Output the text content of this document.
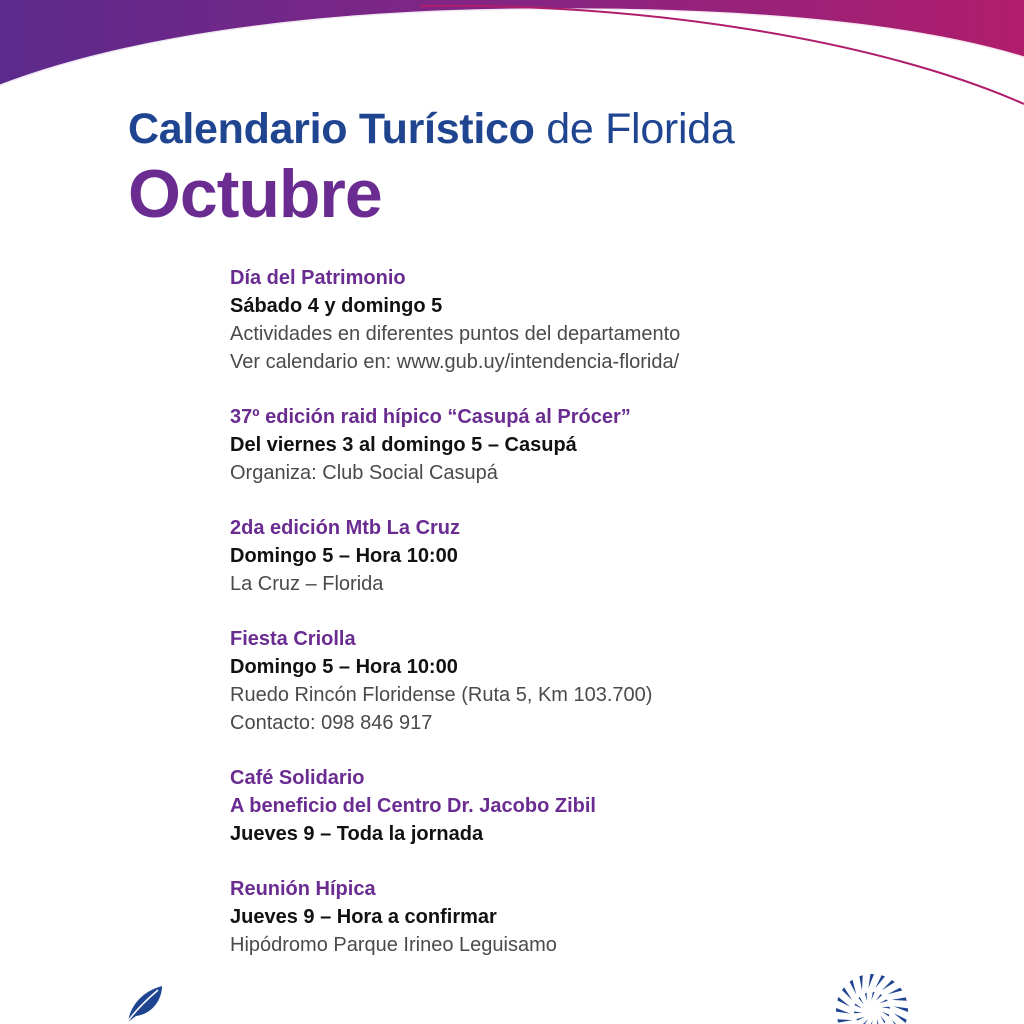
Calendario Turístico de Florida
Octubre
Día del Patrimonio
Sábado 4 y domingo 5
Actividades en diferentes puntos del departamento
Ver calendario en: www.gub.uy/intendencia-florida/
37º edición raid hípico “Casupá al Prócer”
Del viernes 3 al domingo 5 – Casupá
Organiza: Club Social Casupá
2da edición Mtb La Cruz
Domingo 5 – Hora 10:00
La Cruz – Florida
Fiesta Criolla
Domingo 5 – Hora 10:00
Ruedo Rincón Floridense (Ruta 5, Km 103.700)
Contacto: 098 846 917
Café Solidario
A beneficio del Centro Dr. Jacobo Zibil
Jueves 9 – Toda la jornada
Reunión Hípica
Jueves 9 – Hora a confirmar
Hipódromo Parque Irineo Leguisamo
